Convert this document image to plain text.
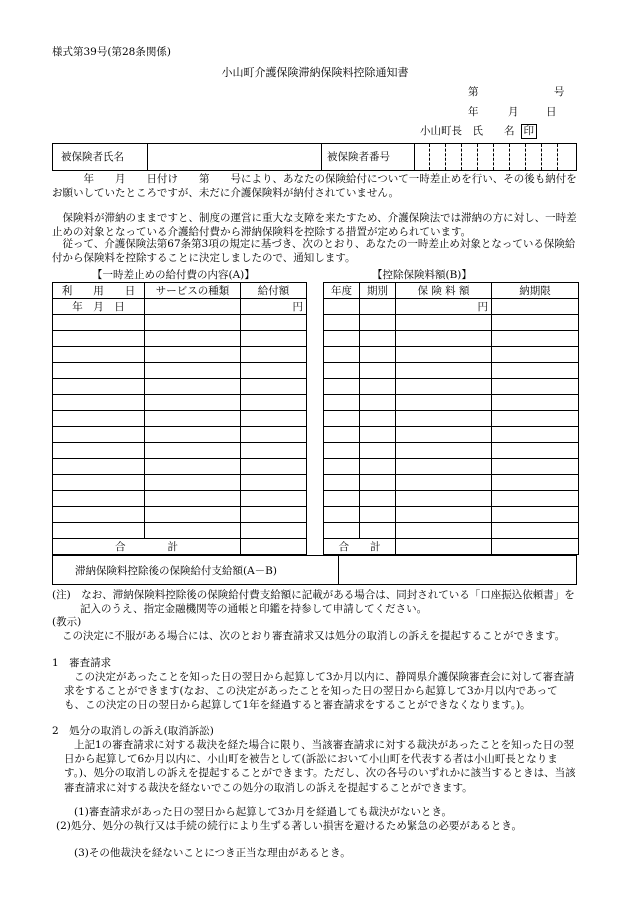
様式第39号(第28条関係)
小山町介護保険滞納保険料控除通知書
第	号
年	月	日
小山町長　氏　　名 印
被保険者氏名	被保険者番号
　　　年　　月　　日付け　　第　　号により、あなたの保険給付について一時差止めを行い、その後も納付をお願いしていたところですが、未だに介護保険料が納付されていません。
　保険料が滞納のままですと、制度の運営に重大な支障を来たすため、介護保険法では滞納の方に対し、一時差止めの対象となっている介護給付費から滞納保険料を控除する措置が定められています。
　従って、介護保険法第67条第3項の規定に基づき、次のとおり、あなたの一時差止め対象となっている保険給付から保険料を控除することに決定しましたので、通知します。
【一時差止めの給付費の内容(A)】	【控除保険料額(B)】
利　　用　　日	サービスの種類	給付額
年　月　日		円

合　　　　計		
年度	期別	保 険 料 額	納期限
		円	

合　　計			
滞納保険料控除後の保険給付支給額(A－B)
(注)　なお、滞納保険料控除後の保険給付費支給額に記載がある場合は、同封されている「口座振込依頼書」を記入のうえ、指定金融機関等の通帳と印鑑を持参して申請してください。
(教示)
この決定に不服がある場合には、次のとおり審査請求又は処分の取消しの訴えを提起することができます。
1　審査請求
この決定があったことを知った日の翌日から起算して3か月以内に、静岡県介護保険審査会に対して審査請求をすることができます(なお、この決定があったことを知った日の翌日から起算して3か月以内であっても、この決定の日の翌日から起算して1年を経過すると審査請求をすることができなくなります。)。
2　処分の取消しの訴え(取消訴訟)
上記1の審査請求に対する裁決を経た場合に限り、当該審査請求に対する裁決があったことを知った日の翌日から起算して6か月以内に、小山町を被告として(訴訟において小山町を代表する者は小山町長となります。)、処分の取消しの訴えを提起することができます。ただし、次の各号のいずれかに該当するときは、当該審査請求に対する裁決を経ないでこの処分の取消しの訴えを提起することができます。
(1)審査請求があった日の翌日から起算して3か月を経過しても裁決がないとき。
(2)処分、処分の執行又は手続の続行により生ずる著しい損害を避けるため緊急の必要があるとき。
(3)その他裁決を経ないことにつき正当な理由があるとき。
